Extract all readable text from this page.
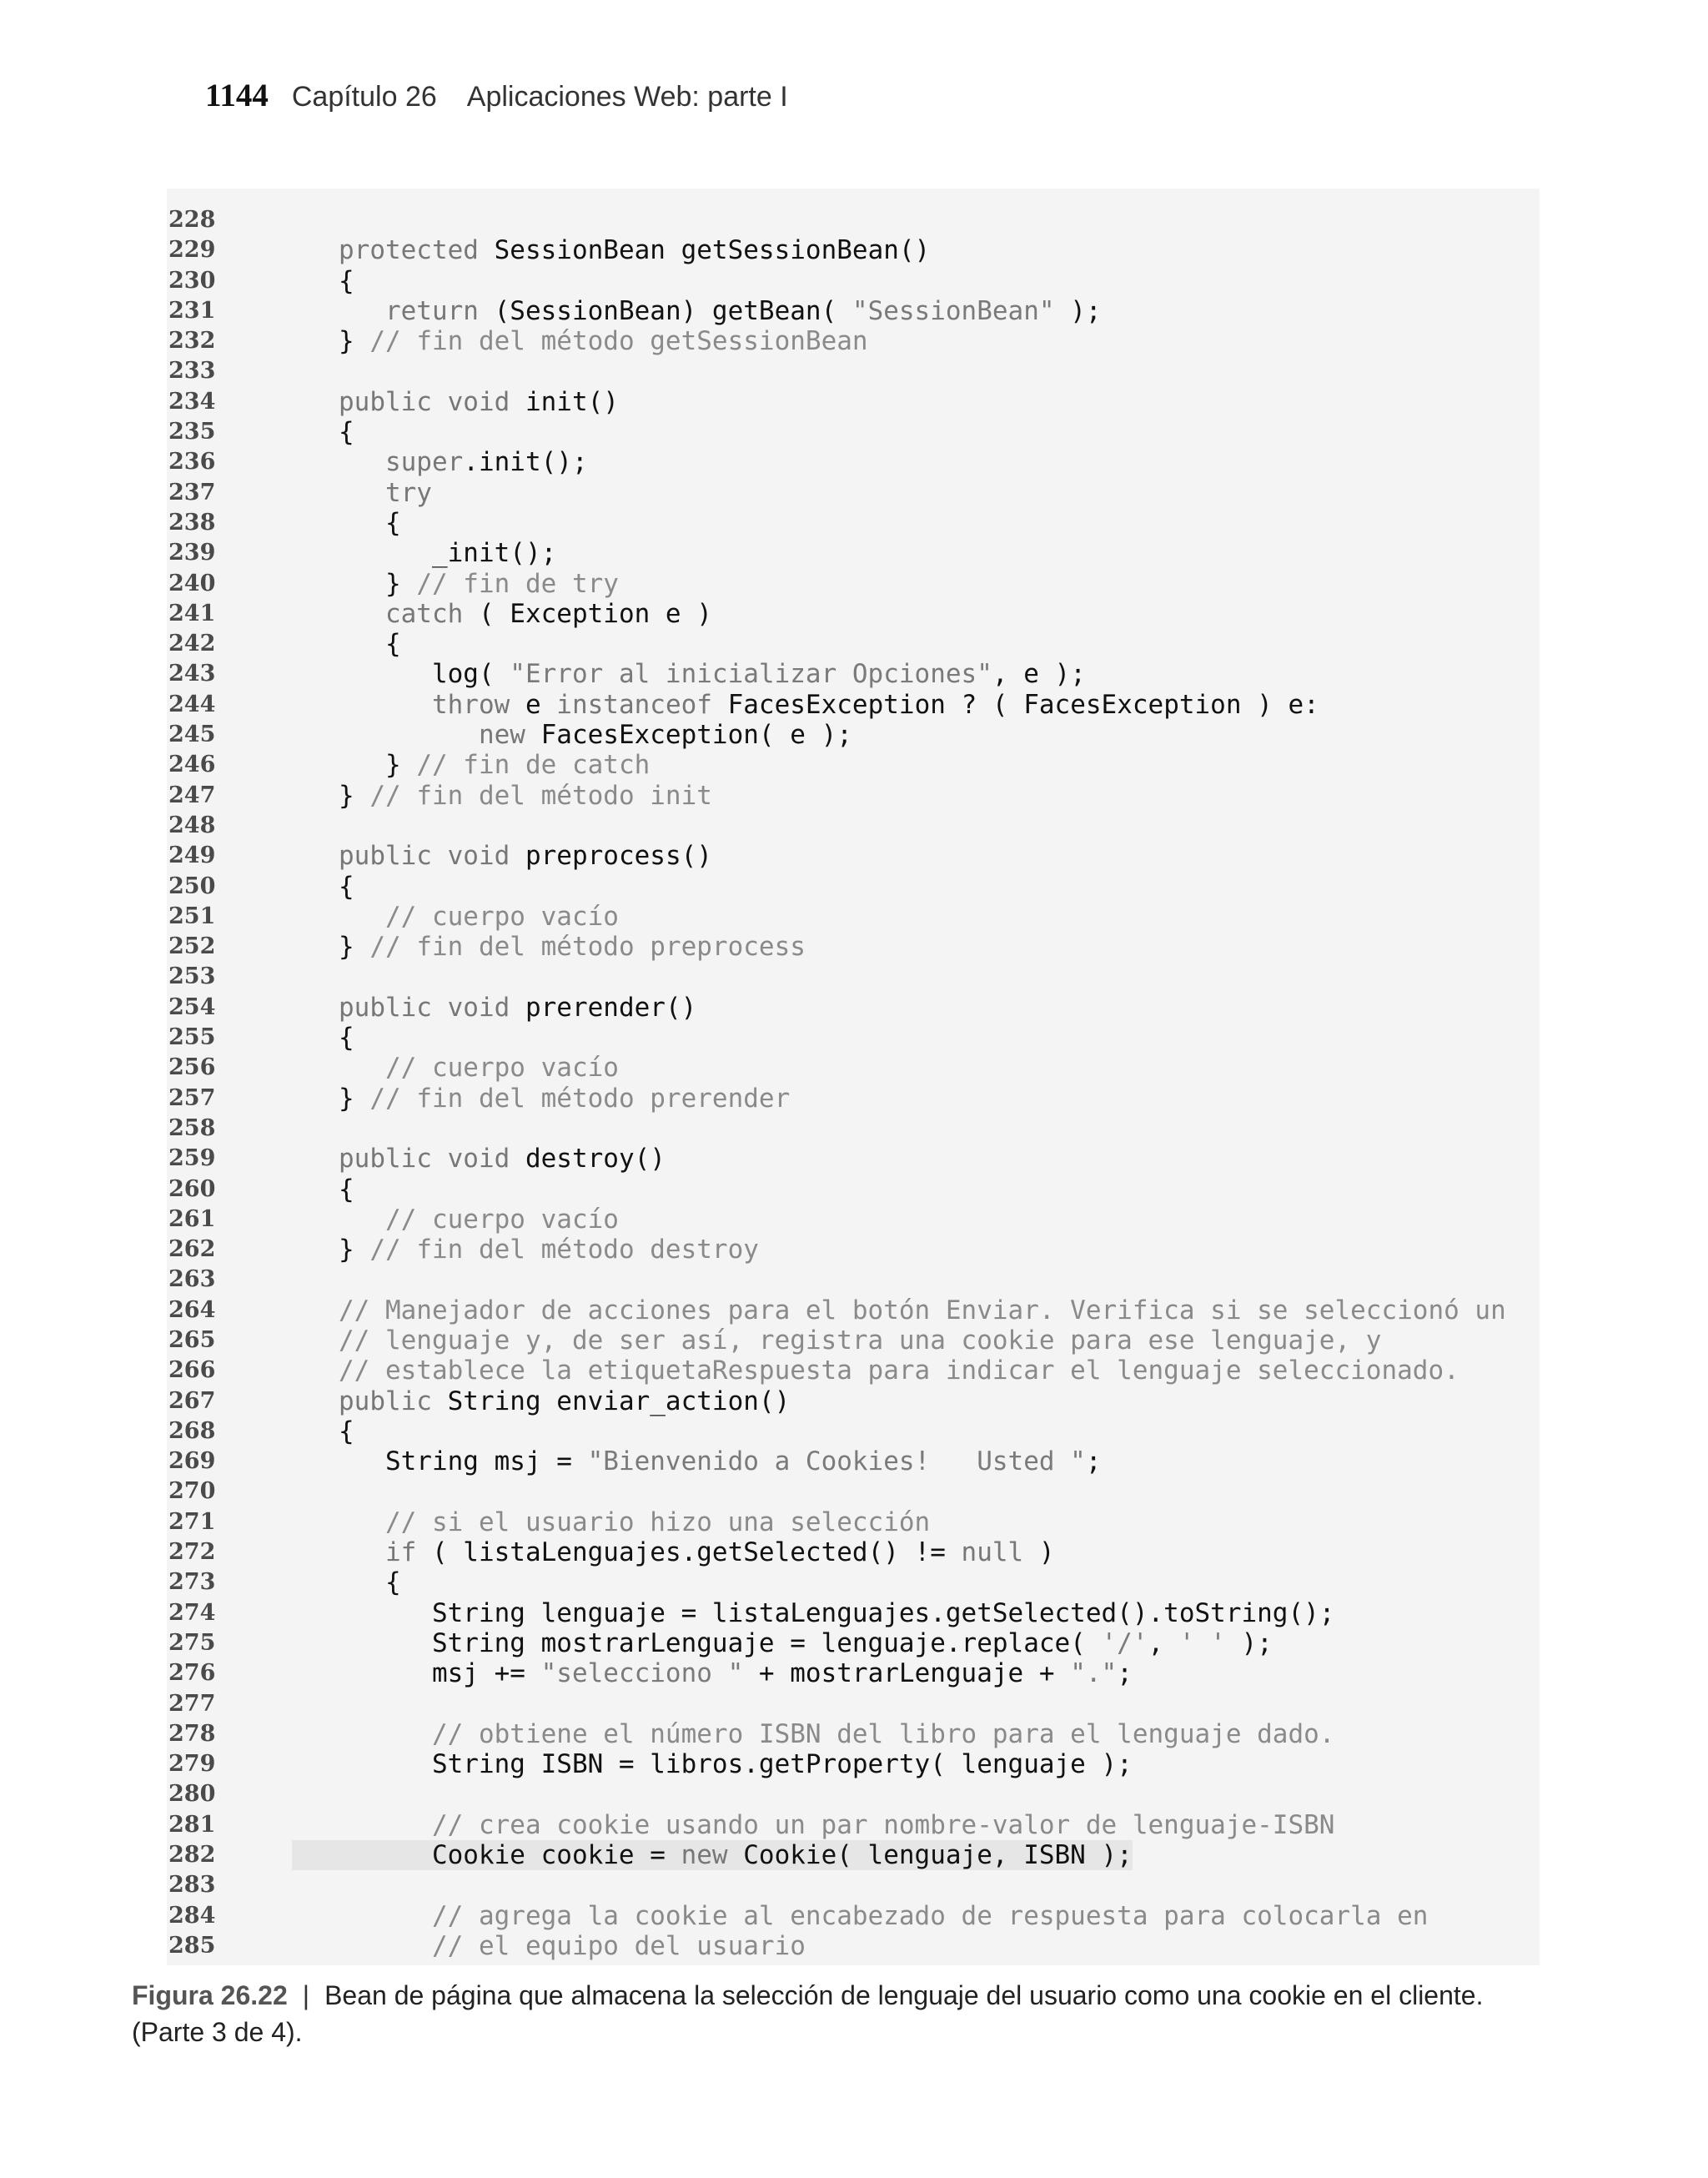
1144 Capítulo 26 Aplicaciones Web: parte I
228
229	protected SessionBean getSessionBean()
230	{
231	return (SessionBean) getBean( "SessionBean" );
232	} // fin del método getSessionBean
233
234	public void init()
235	{
236	super.init();
237	try
238	{
239	_init();
240	} // fin de try
241	catch ( Exception e )
242	{
243	log( "Error al inicializar Opciones", e );
244	throw e instanceof FacesException ? ( FacesException ) e:
245	new FacesException( e );
246	} // fin de catch
247	} // fin del método init
248
249	public void preprocess()
250	{
251	// cuerpo vacío
252	} // fin del método preprocess
253
254	public void prerender()
255	{
256	// cuerpo vacío
257	} // fin del método prerender
258
259	public void destroy()
260	{
261	// cuerpo vacío
262	} // fin del método destroy
263
264	// Manejador de acciones para el botón Enviar. Verifica si se seleccionó un
265	// lenguaje y, de ser así, registra una cookie para ese lenguaje, y
266	// establece la etiquetaRespuesta para indicar el lenguaje seleccionado.
267	public String enviar_action()
268	{
269	String msj = "Bienvenido a Cookies!   Usted ";
270
271	// si el usuario hizo una selección
272	if ( listaLenguajes.getSelected() != null )
273	{
274	String lenguaje = listaLenguajes.getSelected().toString();
275	String mostrarLenguaje = lenguaje.replace( '/', ' ' );
276	msj += "selecciono " + mostrarLenguaje + ".";
277
278	// obtiene el número ISBN del libro para el lenguaje dado.
279	String ISBN = libros.getProperty( lenguaje );
280
281	// crea cookie usando un par nombre-valor de lenguaje-ISBN
282	Cookie cookie = new Cookie( lenguaje, ISBN );
283
284	// agrega la cookie al encabezado de respuesta para colocarla en
285	// el equipo del usuario
Figura 26.22 | Bean de página que almacena la selección de lenguaje del usuario como una cookie en el cliente.
(Parte 3 de 4).
